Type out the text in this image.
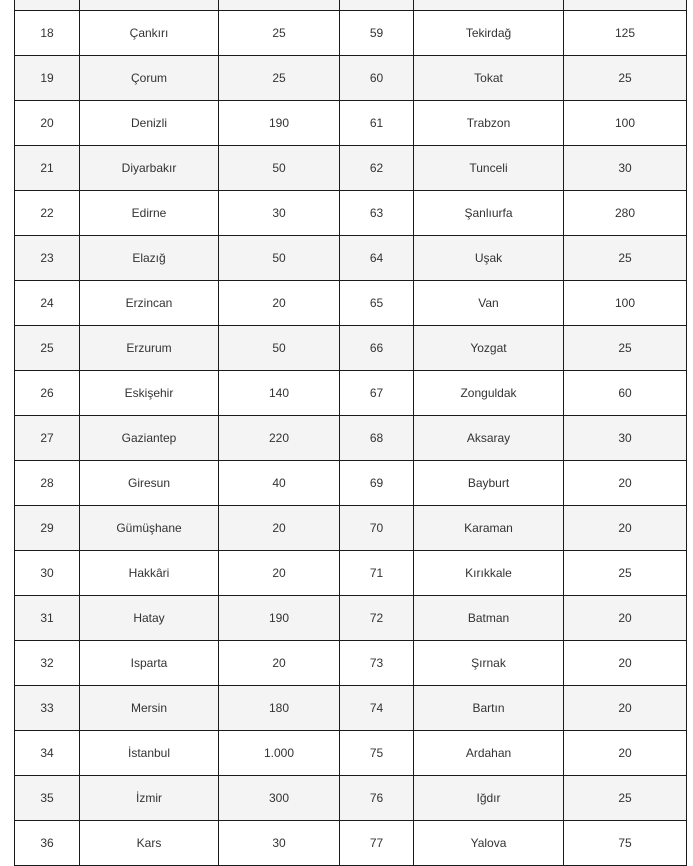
18	Çankırı	25	59	Tekirdağ	125
19	Çorum	25	60	Tokat	25
20	Denizli	190	61	Trabzon	100
21	Diyarbakır	50	62	Tunceli	30
22	Edirne	30	63	Şanlıurfa	280
23	Elazığ	50	64	Uşak	25
24	Erzincan	20	65	Van	100
25	Erzurum	50	66	Yozgat	25
26	Eskişehir	140	67	Zonguldak	60
27	Gaziantep	220	68	Aksaray	30
28	Giresun	40	69	Bayburt	20
29	Gümüşhane	20	70	Karaman	20
30	Hakkâri	20	71	Kırıkkale	25
31	Hatay	190	72	Batman	20
32	Isparta	20	73	Şırnak	20
33	Mersin	180	74	Bartın	20
34	İstanbul	1.000	75	Ardahan	20
35	İzmir	300	76	Iğdır	25
36	Kars	30	77	Yalova	75
